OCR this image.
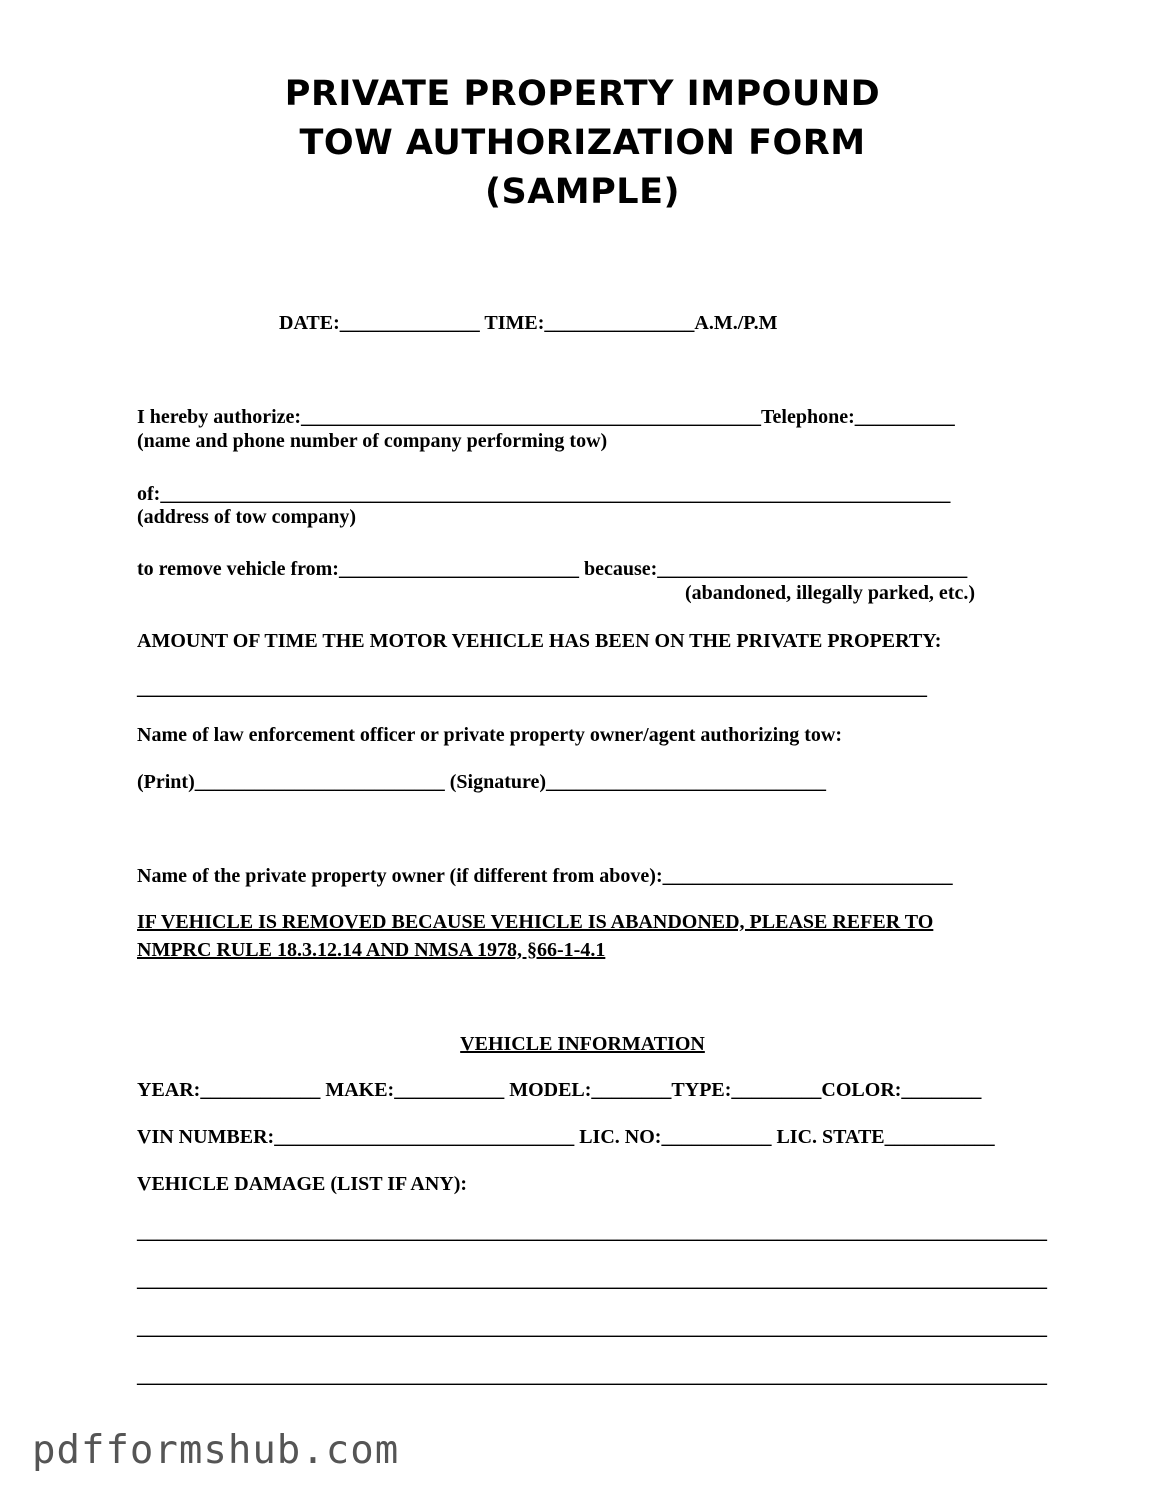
PRIVATE PROPERTY IMPOUND
TOW AUTHORIZATION FORM
(SAMPLE)
DATE:______________ TIME:_______________A.M./P.M
I hereby authorize:______________________________________________Telephone:__________
(name and phone number of company performing tow)
of:_______________________________________________________________________________
(address of tow company)
to remove vehicle from:________________________ because:_______________________________
(abandoned, illegally parked, etc.)
AMOUNT OF TIME THE MOTOR VEHICLE HAS BEEN ON THE PRIVATE PROPERTY:
_______________________________________________________________________________
Name of law enforcement officer or private property owner/agent authorizing tow:
(Print)_________________________ (Signature)____________________________
Name of the private property owner (if different from above):_____________________________
IF VEHICLE IS REMOVED BECAUSE VEHICLE IS ABANDONED, PLEASE REFER TO
NMPRC RULE 18.3.12.14 AND NMSA 1978, §66-1-4.1
VEHICLE INFORMATION
YEAR:____________ MAKE:___________ MODEL:________TYPE:_________COLOR:________
VIN NUMBER:______________________________ LIC. NO:___________ LIC. STATE___________
VEHICLE DAMAGE (LIST IF ANY):
___________________________________________________________________________________________
___________________________________________________________________________________________
___________________________________________________________________________________________
___________________________________________________________________________________________
pdfformshub.com
